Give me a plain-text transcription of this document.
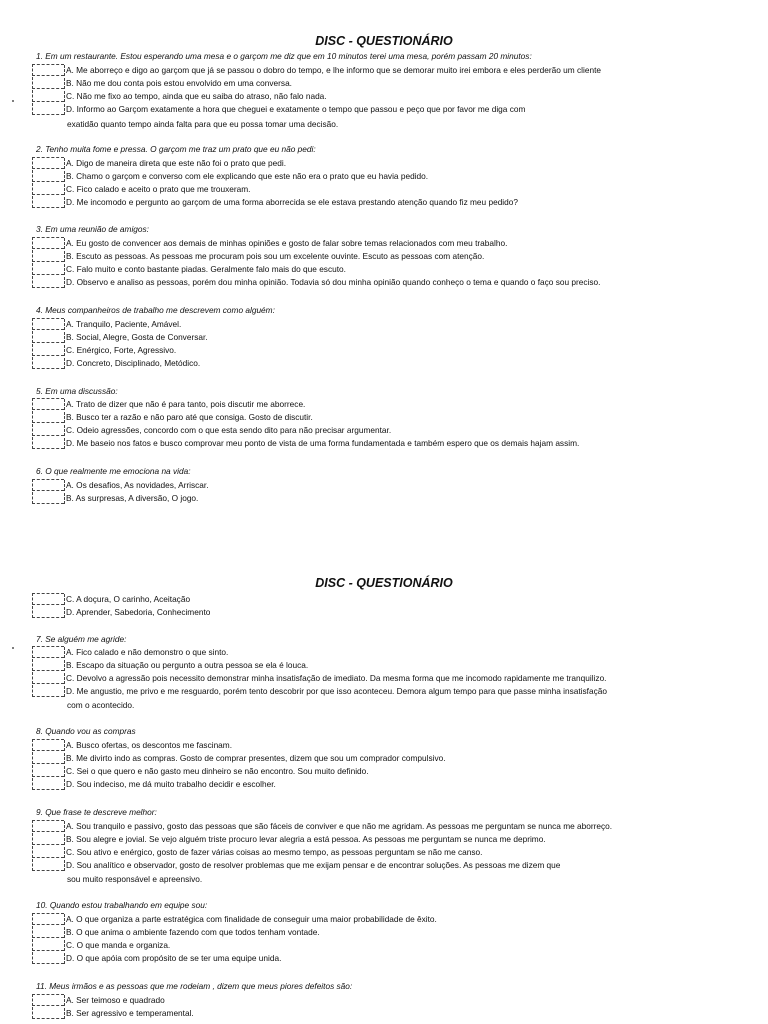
DISC - QUESTIONÁRIO
1. Em um restaurante. Estou esperando uma mesa e o garçom me diz que em 10 minutos terei uma mesa, porém passam 20 minutos:
A. Me aborreço e digo ao garçom que já se passou o dobro do tempo, e lhe informo que se demorar muito irei embora e eles perderão um cliente
B. Não me dou conta pois estou envolvido em uma conversa.
C. Não me fixo ao tempo, ainda que eu saiba do atraso, não falo nada.
D. Informo ao Garçom exatamente a hora que cheguei e exatamente o tempo que passou e peço que por favor me diga com
exatidão quanto tempo ainda falta para que eu possa tomar uma decisão.
2. Tenho muita fome e pressa. O garçom me traz um prato que eu não pedi:
A. Digo de maneira direta que este não foi o prato que pedi.
B. Chamo o garçom e converso com ele explicando que este não era o prato que eu havia pedido.
C. Fico calado e aceito o prato que me trouxeram.
D. Me incomodo e pergunto ao garçom de uma forma aborrecida se ele estava prestando atenção quando fiz meu pedido?
3. Em uma reunião de amigos:
A. Eu gosto de convencer aos demais de minhas opiniões e gosto de falar sobre temas relacionados com meu trabalho.
B. Escuto as pessoas. As pessoas me procuram pois sou um excelente ouvinte. Escuto as pessoas com atenção.
C. Falo muito e conto bastante piadas. Geralmente falo mais do que escuto.
D. Observo e analiso as pessoas, porém dou minha opinião. Todavia só dou minha opinião quando conheço o tema e quando o faço sou preciso.
4. Meus companheiros de trabalho me descrevem como alguém:
A. Tranquilo, Paciente, Amável.
B. Social, Alegre, Gosta de Conversar.
C. Enérgico, Forte, Agressivo.
D. Concreto, Disciplinado, Metódico.
5. Em uma discussão:
A. Trato de dizer que não é para tanto, pois discutir me aborrece.
B. Busco ter a razão e não paro até que consiga. Gosto de discutir.
C. Odeio agressões, concordo com o que esta sendo dito para não precisar argumentar.
D. Me baseio nos fatos e busco comprovar meu ponto de vista de uma forma fundamentada e também espero que os demais hajam assim.
6. O que realmente me emociona na vida:
A. Os desafios, As novidades, Arriscar.
B. As surpresas, A diversão, O jogo.
DISC - QUESTIONÁRIO
C. A doçura, O carinho, Aceitação
D. Aprender, Sabedoria, Conhecimento
7. Se alguém me agride:
A. Fico calado e não demonstro o que sinto.
B. Escapo da situação ou pergunto a outra pessoa se ela é louca.
C. Devolvo a agressão pois necessito demonstrar minha insatisfação de imediato. Da mesma forma que me incomodo rapidamente me tranquilizo.
D. Me angustio, me privo e me resguardo, porém tento descobrir por que isso aconteceu. Demora algum tempo para que passe minha insatisfação
com o acontecido.
8. Quando vou as compras
A. Busco ofertas, os descontos me fascinam.
B. Me divirto indo as compras. Gosto de comprar presentes, dizem que sou um comprador compulsivo.
C. Sei o que quero e não gasto meu dinheiro se não encontro. Sou muito definido.
D. Sou indeciso, me dá muito trabalho decidir e escolher.
9. Que frase te descreve melhor:
A. Sou tranquilo e passivo, gosto das pessoas que são fáceis de conviver e que não me agridam. As pessoas me perguntam se nunca me aborreço.
B. Sou alegre e jovial. Se vejo alguém triste procuro levar alegria a está pessoa. As pessoas me perguntam se nunca me deprimo.
C. Sou ativo e enérgico, gosto de fazer várias coisas ao mesmo tempo, as pessoas perguntam se não me canso.
D. Sou analítico e observador, gosto de resolver problemas que me exijam pensar e de encontrar soluções. As pessoas me dizem que
sou muito responsável e apreensivo.
10. Quando estou trabalhando em equipe sou:
A. O que organiza a parte estratégica com finalidade de conseguir uma maior probabilidade de êxito.
B. O que anima o ambiente fazendo com que todos tenham vontade.
C. O que manda e organiza.
D. O que apóia com propósito de se ter uma equipe unida.
11. Meus irmãos e as pessoas que me rodeiam , dizem que meus piores defeitos são:
A. Ser teimoso e quadrado
B. Ser agressivo e temperamental.
